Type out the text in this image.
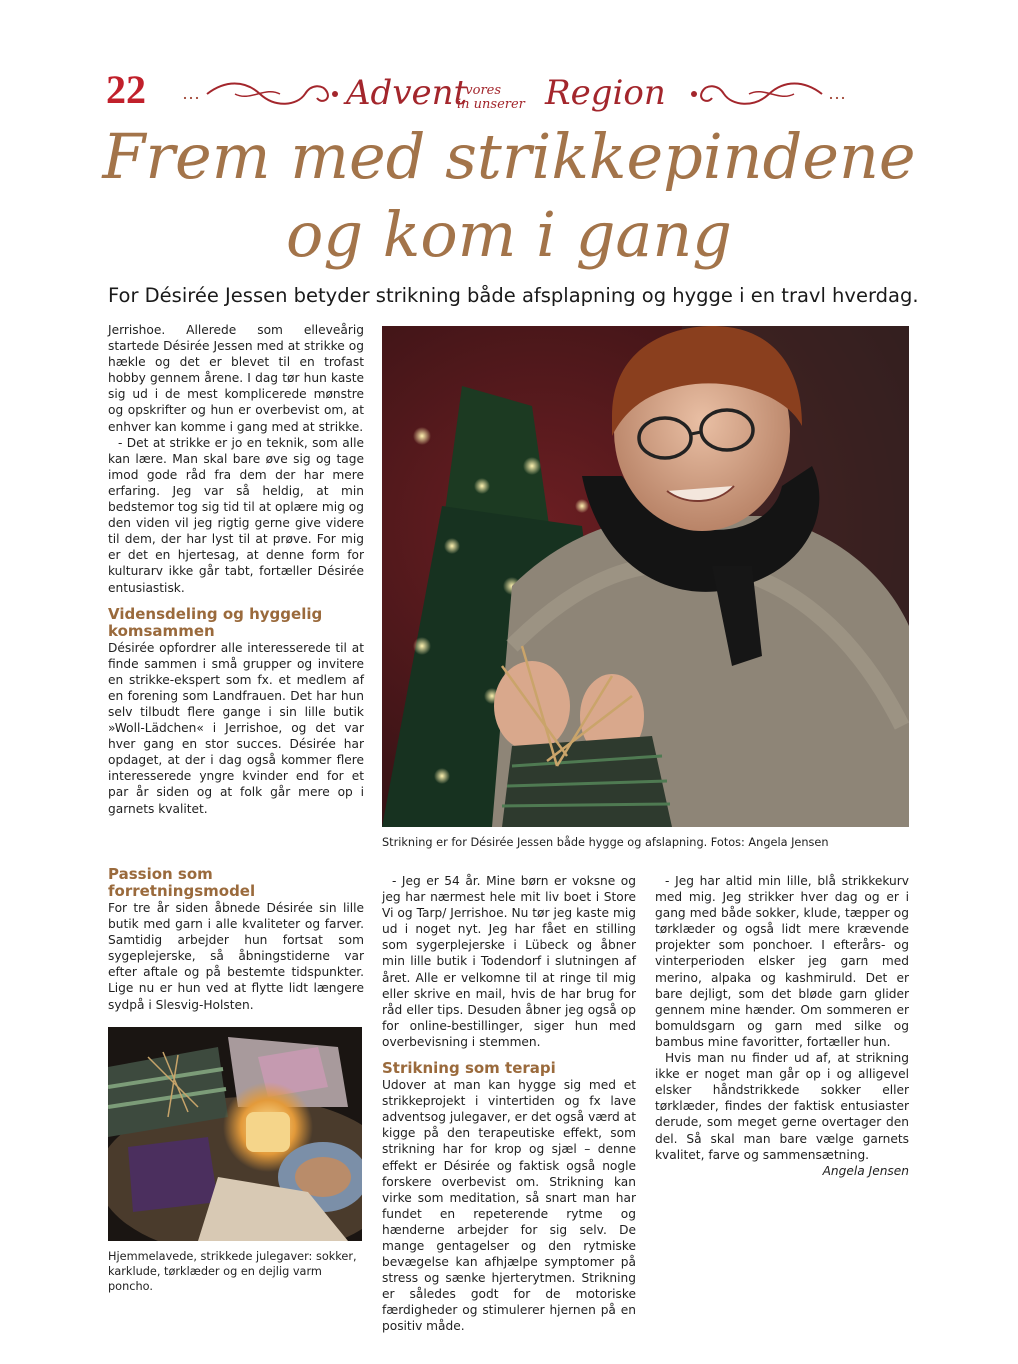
22 ···	Advent
i vores
in unserer Region	···
Frem med strikkepindene
og kom i gang
For Désirée Jessen betyder strikning både afsplapning og hygge i en travl hverdag.

Jerrishoe. Allerede som elleveårig startede Désirée Jessen med at strikke og hækle og det er blevet til en trofast hobby gennem årene. I dag tør hun kaste sig ud i de mest komplicerede mønstre og opskrifter og hun er overbevist om, at enhver kan komme i gang med at strikke.

- Det at strikke er jo en teknik, som alle kan lære. Man skal bare øve sig og tage imod gode råd fra dem der har mere erfaring. Jeg var så heldig, at min bedstemor tog sig tid til at oplære mig og den viden vil jeg rigtig gerne give videre til dem, der har lyst til at prøve. For mig er det en hjertesag, at denne form for kulturarv ikke går tabt, fortæller Désirée entusiastisk.

Vidensdeling og hyggelig komsammen

Désirée opfordrer alle interesserede til at finde sammen i små grupper og invitere en strikke-ekspert som fx. et medlem af en forening som Landfrauen. Det har hun selv tilbudt flere gange i sin lille butik »Woll-Lädchen« i Jerrishoe, og det var hver gang en stor succes. Désirée har opdaget, at der i dag også kommer flere interesserede yngre kvinder end for et par år siden og at folk går mere op i garnets kvalitet.

Passion som forretningsmodel

For tre år siden åbnede Désirée sin lille butik med garn i alle kvaliteter og farver. Samtidig arbejder hun fortsat som sygeplejerske, så åbningstiderne var efter aftale og på bestemte tidspunkter. Lige nu er hun ved at flytte lidt længere sydpå i Slesvig-Holsten.

Strikning er for Désirée Jessen både hygge og afslapning. Fotos: Angela Jensen
Hjemmelavede, strikkede julegaver: sokker, karklude, tørklæder og en dejlig varm poncho.

- Jeg er 54 år. Mine børn er voksne og jeg har nærmest hele mit liv boet i Store Vi og Tarp/ Jerrishoe. Nu tør jeg kaste mig ud i noget nyt. Jeg har fået en stilling som sygerplejerske i Lübeck og åbner min lille butik i Todendorf i slutningen af året. Alle er velkomne til at ringe til mig eller skrive en mail, hvis de har brug for råd eller tips. Desuden åbner jeg også op for online-bestillinger, siger hun med overbevisning i stemmen.

Strikning som terapi

Udover at man kan hygge sig med et strikkeprojekt i vintertiden og fx lave adventsog julegaver, er det også værd at kigge på den terapeutiske effekt, som strikning har for krop og sjæl – denne effekt er Désirée og faktisk også nogle forskere overbevist om. Strikning kan virke som meditation, så snart man har fundet en repeterende rytme og hænderne arbejder for sig selv. De mange gentagelser og den rytmiske bevægelse kan afhjælpe symptomer på stress og sænke hjerterytmen. Strikning er således godt for de motoriske færdigheder og stimulerer hjernen på en positiv måde.

- Jeg har altid min lille, blå strikkekurv med mig. Jeg strikker hver dag og er i gang med både sokker, klude, tæpper og tørklæder og også lidt mere krævende projekter som ponchoer. I efterårs- og vinterperioden elsker jeg garn med merino, alpaka og kashmiruld. Det er bare dejligt, som det bløde garn glider gennem mine hænder. Om sommeren er bomuldsgarn og garn med silke og bambus mine favoritter, fortæller hun.

Hvis man nu finder ud af, at strikning ikke er noget man går op i og alligevel elsker håndstrikkede sokker eller tørklæder, findes der faktisk entusiaster derude, som meget gerne overtager den del. Så skal man bare vælge garnets kvalitet, farve og sammensætning.

Angela Jensen
